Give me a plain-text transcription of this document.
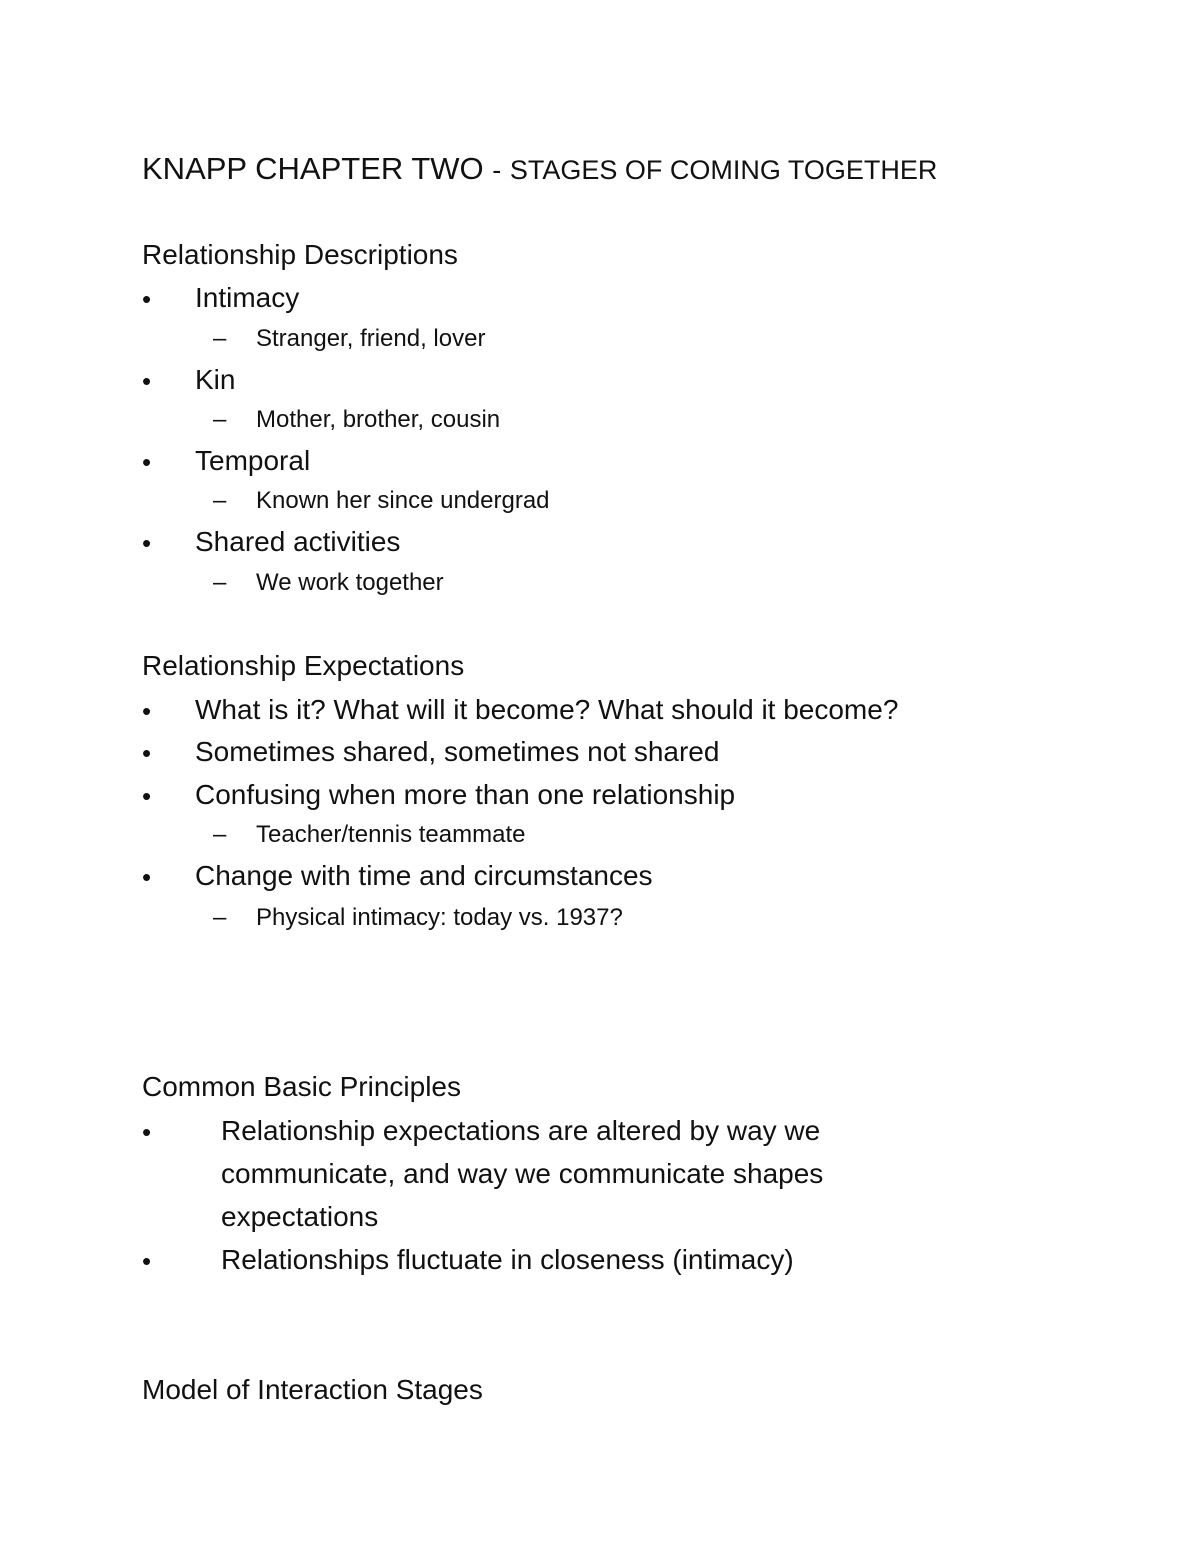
KNAPP CHAPTER TWO - STAGES OF COMING TOGETHER
Relationship Descriptions
• Intimacy
– Stranger, friend, lover
• Kin
– Mother, brother, cousin
• Temporal
– Known her since undergrad
• Shared activities
– We work together
Relationship Expectations
• What is it? What will it become? What should it become?
• Sometimes shared, sometimes not shared
• Confusing when more than one relationship
– Teacher/tennis teammate
• Change with time and circumstances
– Physical intimacy: today vs. 1937?
Common Basic Principles
• Relationship expectations are altered by way we
communicate, and way we communicate shapes
expectations
• Relationships fluctuate in closeness (intimacy)
Model of Interaction Stages
